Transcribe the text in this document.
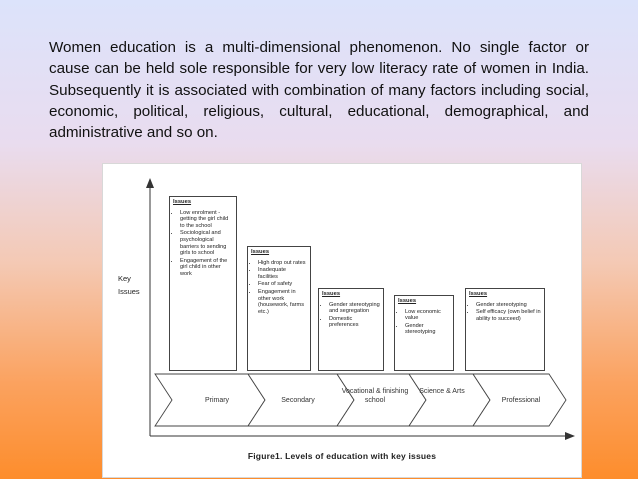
Women education is a multi-dimensional phenomenon. No single factor or cause can be held sole responsible for very low literacy rate of women in India. Subsequently it is associated with combination of many factors including social, economic, political, religious, cultural, educational, demographical, and administrative and so on.

Key
Issues
Issues
• Low enrolment - getting the girl child to the school
• Sociological and psychological barriers to sending girls to school
• Engagement of the girl child in other work
Issues
• High drop out rates
• Inadequate facilities
• Fear of safety
• Engagement in other work (housework, farms etc.)
Issues
• Gender stereotyping and segregation
• Domestic preferences
Issues
• Low economic value
• Gender stereotyping
Issues
• Gender stereotyping
• Self efficacy (own belief in ability to succeed)
Primary	Secondary
Vocational & finishing school
Science & Arts
Professional
Figure1. Levels of education with key issues
